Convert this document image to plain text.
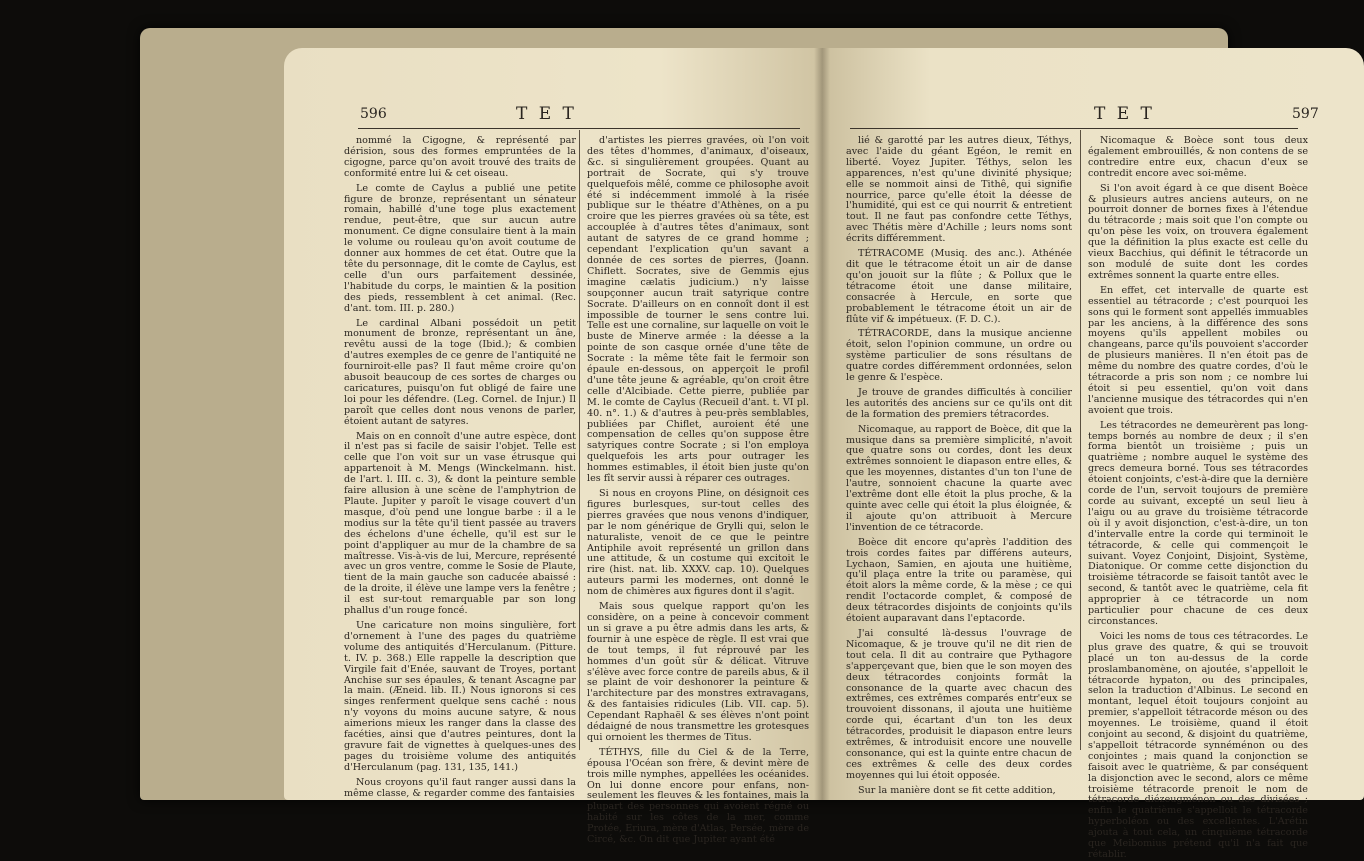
596	T E T

nommé la Cigogne, & représenté par dérision, sous des formes empruntées de la cigogne, parce qu'on avoit trouvé des traits de conformité entre lui & cet oiseau.

Le comte de Caylus a publié une petite figure de bronze, représentant un sénateur romain, habillé d'une toge plus exactement rendue, peut-être, que sur aucun autre monument. Ce digne consulaire tient à la main le volume ou rouleau qu'on avoit coutume de donner aux hommes de cet état. Outre que la tête du personnage, dit le comte de Caylus, est celle d'un ours parfaitement dessinée, l'habitude du corps, le maintien & la position des pieds, ressemblent à cet animal. (Rec. d'ant. tom. III. p. 280.)

Le cardinal Albani possédoit un petit monument de bronze, représentant un âne, revêtu aussi de la toge (Ibid.); & combien d'autres exemples de ce genre de l'antiquité ne fourniroit-elle pas? Il faut même croire qu'on abusoit beaucoup de ces sortes de charges ou caricatures, puisqu'on fut obligé de faire une loi pour les défendre. (Leg. Cornel. de Injur.) Il paroît que celles dont nous venons de parler, étoient autant de satyres.

Mais on en connoît d'une autre espèce, dont il n'est pas si facile de saisir l'objet. Telle est celle que l'on voit sur un vase étrusque qui appartenoit à M. Mengs (Winckelmann. hist. de l'art. l. III. c. 3), & dont la peinture semble faire allusion à une scène de l'amphytrion de Plaute. Jupiter y paroît le visage couvert d'un masque, d'où pend une longue barbe : il a le modius sur la tête qu'il tient passée au travers des échelons d'une échelle, qu'il est sur le point d'appliquer au mur de la chambre de sa maîtresse. Vis-à-vis de lui, Mercure, représenté avec un gros ventre, comme le Sosie de Plaute, tient de la main gauche son caducée abaissé : de la droite, il élève une lampe vers la fenêtre ; il est sur-tout remarquable par son long phallus d'un rouge foncé.

Une caricature non moins singulière, fort d'ornement à l'une des pages du quatrième volume des antiquités d'Herculanum. (Pitture. t. IV. p. 368.) Elle rappelle la description que Virgile fait d'Enée, sauvant de Troyes, portant Anchise sur ses épaules, & tenant Ascagne par la main. (Æneid. lib. II.) Nous ignorons si ces singes renferment quelque sens caché : nous n'y voyons du moins aucune satyre, & nous aimerions mieux les ranger dans la classe des facéties, ainsi que d'autres peintures, dont la gravure fait de vignettes à quelques-unes des pages du troisième volume des antiquités d'Herculanum (pag. 131, 135, 141.)

Nous croyons qu'il faut ranger aussi dans la même classe, & regarder comme des fantaisies

d'artistes les pierres gravées, où l'on voit des têtes d'hommes, d'animaux, d'oiseaux, &c. si singulièrement groupées. Quant au portrait de Socrate, qui s'y trouve quelquefois mêlé, comme ce philosophe avoit été si indécemment immolé à la risée publique sur le théatre d'Athènes, on a pu croire que les pierres gravées où sa tête, est accouplée à d'autres têtes d'animaux, sont autant de satyres de ce grand homme ; cependant l'explication qu'un savant a donnée de ces sortes de pierres, (Joann. Chiflett. Socrates, sive de Gemmis ejus imagine cælatis judicium.) n'y laisse soupçonner aucun trait satyrique contre Socrate. D'ailleurs on en connoît dont il est impossible de tourner le sens contre lui. Telle est une cornaline, sur laquelle on voit le buste de Minerve armée : la déesse a la pointe de son casque ornée d'une tête de Socrate : la même tête fait le fermoir son épaule en-dessous, on apperçoit le profil d'une tête jeune & agréable, qu'on croit être celle d'Alcibiade. Cette pierre, publiée par M. le comte de Caylus (Recueil d'ant. t. VI pl. 40. n°. 1.) & d'autres à peu-près semblables, publiées par Chiflet, auroient été une compensation de celles qu'on suppose être satyriques contre Socrate ; si l'on employa quelquefois les arts pour outrager les hommes estimables, il étoit bien juste qu'on les fît servir aussi à réparer ces outrages.

Si nous en croyons Pline, on désignoit ces figures burlesques, sur-tout celles des pierres gravées que nous venons d'indiquer, par le nom générique de Grylli qui, selon le naturaliste, venoit de ce que le peintre Antiphile avoit représenté un grillon dans une attitude, & un costume qui excitoit le rire (hist. nat. lib. XXXV. cap. 10). Quelques auteurs parmi les modernes, ont donné le nom de chimères aux figures dont il s'agit.

Mais sous quelque rapport qu'on les considère, on a peine à concevoir comment un si grave a pu être admis dans les arts, & fournir à une espèce de règle. Il est vrai que de tout temps, il fut réprouvé par les hommes d'un goût sûr & délicat. Vitruve s'élève avec force contre de pareils abus, & il se plaint de voir deshonorer la peinture & l'architecture par des monstres extravagans, & des fantaisies ridicules (Lib. VII. cap. 5). Cependant Raphaël & ses élèves n'ont point dédaigné de nous transmettre les grotesques qui ornoient les thermes de Titus.

TÉTHYS, fille du Ciel & de la Terre, épousa l'Océan son frère, & devint mère de trois mille nymphes, appellées les océanides. On lui donne encore pour enfans, non-seulement les fleuves & les fontaines, mais la plupart des personnes qui avoient régné ou habité sur les côtes de la mer, comme Protée, Eriura, mère d'Atlas, Persée, mère de Circé, &c. On dit que Jupiter ayant été

T E T	597

lié & garotté par les autres dieux, Téthys, avec l'aide du géant Egéon, le remit en liberté. Voyez Jupiter. Téthys, selon les apparences, n'est qu'une divinité physique; elle se nommoit ainsi de Tithê, qui signifie nourrice, parce qu'elle étoit la déesse de l'humidité, qui est ce qui nourrit & entretient tout. Il ne faut pas confondre cette Téthys, avec Thétis mère d'Achille ; leurs noms sont écrits différemment.

TÉTRACOME (Musiq. des anc.). Athénée dit que le tétracome étoit un air de danse qu'on jouoit sur la flûte ; & Pollux que le tétracome étoit une danse militaire, consacrée à Hercule, en sorte que probablement le tétracome étoit un air de flûte vif & impétueux. (F. D. C.).

TÉTRACORDE, dans la musique ancienne étoit, selon l'opinion commune, un ordre ou système particulier de sons résultans de quatre cordes différemment ordonnées, selon le genre & l'espèce.

Je trouve de grandes difficultés à concilier les autorités des anciens sur ce qu'ils ont dit de la formation des premiers tétracordes.

Nicomaque, au rapport de Boèce, dit que la musique dans sa première simplicité, n'avoit que quatre sons ou cordes, dont les deux extrêmes sonnoient le diapason entre elles, & que les moyennes, distantes d'un ton l'une de l'autre, sonnoient chacune la quarte avec l'extrême dont elle étoit la plus proche, & la quinte avec celle qui étoit la plus éloignée, & il ajoute qu'on attribuoit à Mercure l'invention de ce tétracorde.

Boèce dit encore qu'après l'addition des trois cordes faites par différens auteurs, Lychaon, Samien, en ajouta une huitième, qu'il plaça entre la trite ou paramèse, qui étoit alors la même corde, & la mèse ; ce qui rendit l'octacorde complet, & composé de deux tétracordes disjoints de conjoints qu'ils étoient auparavant dans l'eptacorde.

J'ai consulté là-dessus l'ouvrage de Nicomaque, & je trouve qu'il ne dit rien de tout cela. Il dit au contraire que Pythagore s'apperçevant que, bien que le son moyen des deux tétracordes conjoints formât la consonance de la quarte avec chacun des extrêmes, ces extrêmes comparés entr'eux se trouvoient dissonans, il ajouta une huitième corde qui, écartant d'un ton les deux tétracordes, produisit le diapason entre leurs extrêmes, & introduisit encore une nouvelle consonance, qui est la quinte entre chacun de ces extrêmes & celle des deux cordes moyennes qui lui étoit opposée.

Sur la manière dont se fit cette addition,

Nicomaque & Boèce sont tous deux également embrouillés, & non contens de se contredire entre eux, chacun d'eux se contredit encore avec soi-même.

Si l'on avoit égard à ce que disent Boèce & plusieurs autres anciens auteurs, on ne pourroit donner de bornes fixes à l'étendue du tétracorde ; mais soit que l'on compte ou qu'on pèse les voix, on trouvera également que la définition la plus exacte est celle du vieux Bacchius, qui définit le tétracorde un son modulé de suite dont les cordes extrêmes sonnent la quarte entre elles.

En effet, cet intervalle de quarte est essentiel au tétracorde ; c'est pourquoi les sons qui le forment sont appellés immuables par les anciens, à la différence des sons moyens qu'ils appellent mobiles ou changeans, parce qu'ils pouvoient s'accorder de plusieurs manières. Il n'en étoit pas de même du nombre des quatre cordes, d'où le tétracorde a pris son nom ; ce nombre lui étoit si peu essentiel, qu'on voit dans l'ancienne musique des tétracordes qui n'en avoient que trois.

Les tétracordes ne demeurèrent pas long-temps bornés au nombre de deux ; il s'en forma bientôt un troisième ; puis un quatrième ; nombre auquel le système des grecs demeura borné. Tous ses tétracordes étoient conjoints, c'est-à-dire que la dernière corde de l'un, servoit toujours de première corde au suivant, excepté un seul lieu à l'aigu ou au grave du troisième tétracorde où il y avoit disjonction, c'est-à-dire, un ton d'intervalle entre la corde qui terminoit le tétracorde, & celle qui commençoit le suivant. Voyez Conjoint, Disjoint, Système, Diatonique. Or comme cette disjonction du troisième tétracorde se faisoit tantôt avec le second, & tantôt avec le quatrième, cela fit approprier à ce tétracorde un nom particulier pour chacune de ces deux circonstances.

Voici les noms de tous ces tétracordes. Le plus grave des quatre, & qui se trouvoit placé un ton au-dessus de la corde proslambanomène, on ajoutée, s'appelloit le tétracorde hypaton, ou des principales, selon la traduction d'Albinus. Le second en montant, lequel étoit toujours conjoint au premier, s'appelloit tétracorde méson ou des moyennes. Le troisième, quand il étoit conjoint au second, & disjoint du quatrième, s'appelloit tétracorde synnéménon ou des conjointes ; mais quand la conjonction se faisoit avec le quatrième, & par conséquent la disjonction avec le second, alors ce même troisième tétracorde prenoit le nom de tétracorde diézeugménon ou des divisées ; enfin le quatrième s'appelloit le tétracorde hyperboléon ou des excellentes. L'Arétin ajouta à tout cela, un cinquième tétracorde que Meibomius prétend qu'il n'a fait que rétablir.
